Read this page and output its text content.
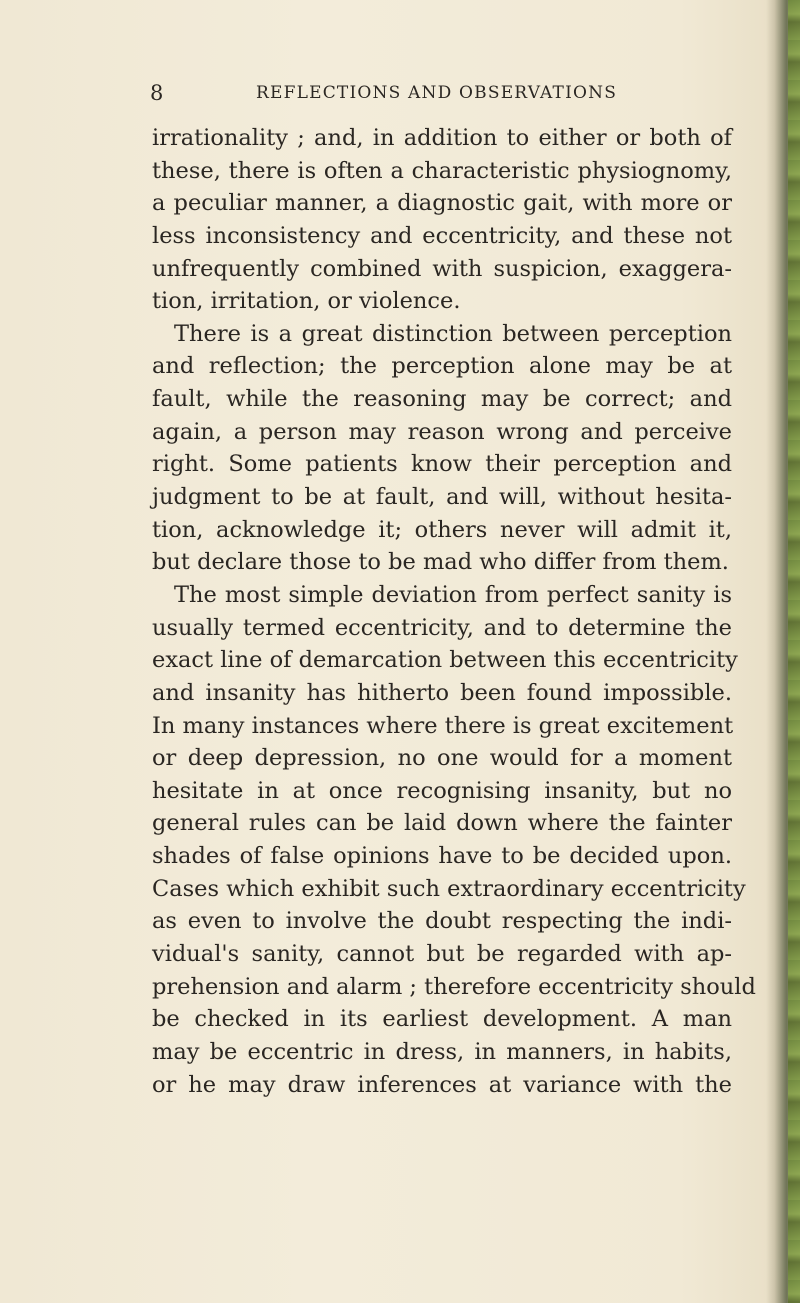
8	REFLECTIONS AND OBSERVATIONS
irrationality ; and, in addition to either or both of
these, there is often a characteristic physiognomy,
a peculiar manner, a diagnostic gait, with more or
less inconsistency and eccentricity, and these not
unfrequently combined with suspicion, exaggera-
tion, irritation, or violence.
There is a great distinction between perception
and reflection; the perception alone may be at
fault, while the reasoning may be correct; and
again, a person may reason wrong and perceive
right. Some patients know their perception and
judgment to be at fault, and will, without hesita-
tion, acknowledge it; others never will admit it,
but declare those to be mad who differ from them.
The most simple deviation from perfect sanity is
usually termed eccentricity, and to determine the
exact line of demarcation between this eccentricity
and insanity has hitherto been found impossible.
In many instances where there is great excitement
or deep depression, no one would for a moment
hesitate in at once recognising insanity, but no
general rules can be laid down where the fainter
shades of false opinions have to be decided upon.
Cases which exhibit such extraordinary eccentricity
as even to involve the doubt respecting the indi-
vidual's sanity, cannot but be regarded with ap-
prehension and alarm ; therefore eccentricity should
be checked in its earliest development. A man
may be eccentric in dress, in manners, in habits,
or he may draw inferences at variance with the
